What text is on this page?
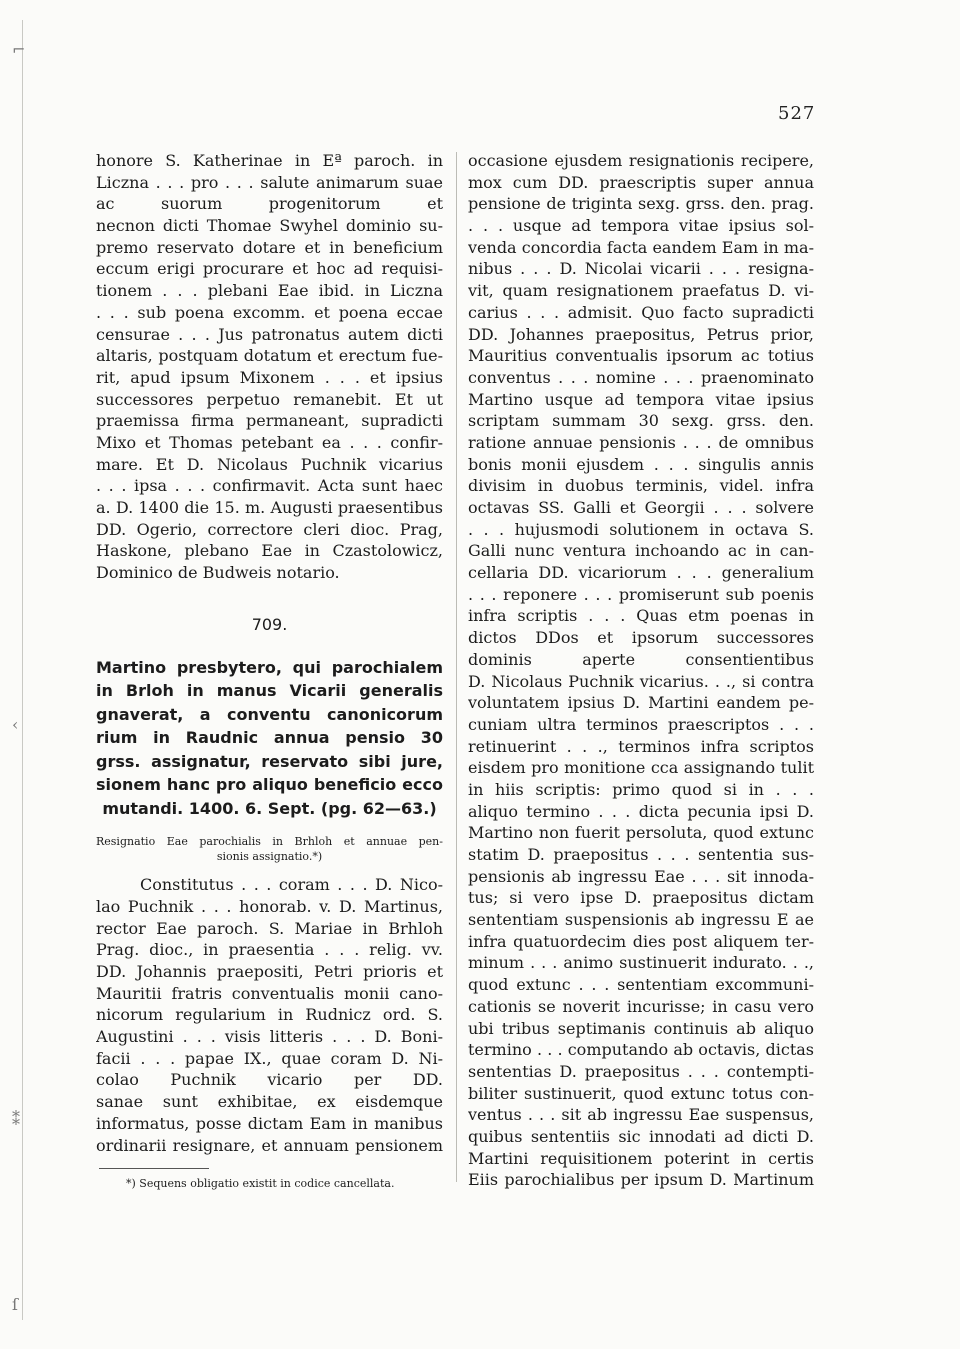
⌐
‹
⁑
ſ
527
honore S. Katherinae in Eª paroch. in
Liczna . . . pro . . . salute animarum suae
ac suorum progenitorum et
necnon dicti Thomae Swyhel dominio su-
premo reservato dotare et in beneficium
eccum erigi procurare et hoc ad requisi-
tionem . . . plebani Eae ibid. in Liczna
. . . sub poena excomm. et poena eccae
censurae . . . Jus patronatus autem dicti
altaris, postquam dotatum et erectum fue-
rit, apud ipsum Mixonem . . . et ipsius
successores perpetuo remanebit. Et ut
praemissa firma permaneant, supradicti
Mixo et Thomas petebant ea . . . confir-
mare. Et D. Nicolaus Puchnik vicarius
. . . ipsa . . . confirmavit. Acta sunt haec
a. D. 1400 die 15. m. Augusti praesentibus
DD. Ogerio, correctore cleri dioc. Prag,
Haskone, plebano Eae in Czastolowicz,
Dominico de Budweis notario.
709.
Martino presbytero, qui parochialem
in Brloh in manus Vicarii generalis
gnaverat, a conventu canonicorum
rium in Raudnic annua pensio 30
grss. assignatur, reservato sibi jure,
sionem hanc pro aliquo beneficio ecco
mutandi. 1400. 6. Sept. (pg. 62—63.)
Resignatio Eae parochialis in Brhloh et annuae pen-
sionis assignatio.*)
Constitutus . . . coram . . . D. Nico-
lao Puchnik . . . honorab. v. D. Martinus,
rector Eae paroch. S. Mariae in Brhloh
Prag. dioc., in praesentia . . . relig. vv.
DD. Johannis praepositi, Petri prioris et
Mauritii fratris conventualis monii cano-
nicorum regularium in Rudnicz ord. S.
Augustini . . . visis litteris . . . D. Boni-
facii . . . papae IX., quae coram D. Ni-
colao Puchnik vicario per DD.
sanae sunt exhibitae, ex eisdemque
informatus, posse dictam Eam in manibus
ordinarii resignare, et annuam pensionem
*) Sequens obligatio existit in codice cancellata.
occasione ejusdem resignationis recipere,
mox cum DD. praescriptis super annua
pensione de triginta sexg. grss. den. prag.
. . . usque ad tempora vitae ipsius sol-
venda concordia facta eandem Eam in ma-
nibus . . . D. Nicolai vicarii . . . resigna-
vit, quam resignationem praefatus D. vi-
carius . . . admisit. Quo facto supradicti
DD. Johannes praepositus, Petrus prior,
Mauritius conventualis ipsorum ac totius
conventus . . . nomine . . . praenominato
Martino usque ad tempora vitae ipsius
scriptam summam 30 sexg. grss. den.
ratione annuae pensionis . . . de omnibus
bonis monii ejusdem . . . singulis annis
divisim in duobus terminis, videl. infra
octavas SS. Galli et Georgii . . . solvere
. . . hujusmodi solutionem in octava S.
Galli nunc ventura inchoando ac in can-
cellaria DD. vicariorum . . . generalium
. . . reponere . . . promiserunt sub poenis
infra scriptis . . . Quas etm poenas in
dictos DDos et ipsorum successores
dominis aperte consentientibus
D. Nicolaus Puchnik vicarius. . ., si contra
voluntatem ipsius D. Martini eandem pe-
cuniam ultra terminos praescriptos . . .
retinuerint . . ., terminos infra scriptos
eisdem pro monitione cca assignando tulit
in hiis scriptis: primo quod si in . . .
aliquo termino . . . dicta pecunia ipsi D.
Martino non fuerit persoluta, quod extunc
statim D. praepositus . . . sententia sus-
pensionis ab ingressu Eae . . . sit innoda-
tus; si vero ipse D. praepositus dictam
sententiam suspensionis ab ingressu E ae
infra quatuordecim dies post aliquem ter-
minum . . . animo sustinuerit indurato. . .,
quod extunc . . . sententiam excommuni-
cationis se noverit incurisse; in casu vero
ubi tribus septimanis continuis ab aliquo
termino . . . computando ab octavis, dictas
sententias D. praepositus . . . contempti-
biliter sustinuerit, quod extunc totus con-
ventus . . . sit ab ingressu Eae suspensus,
quibus sententiis sic innodati ad dicti D.
Martini requisitionem poterint in certis
Eiis parochialibus per ipsum D. Martinum
